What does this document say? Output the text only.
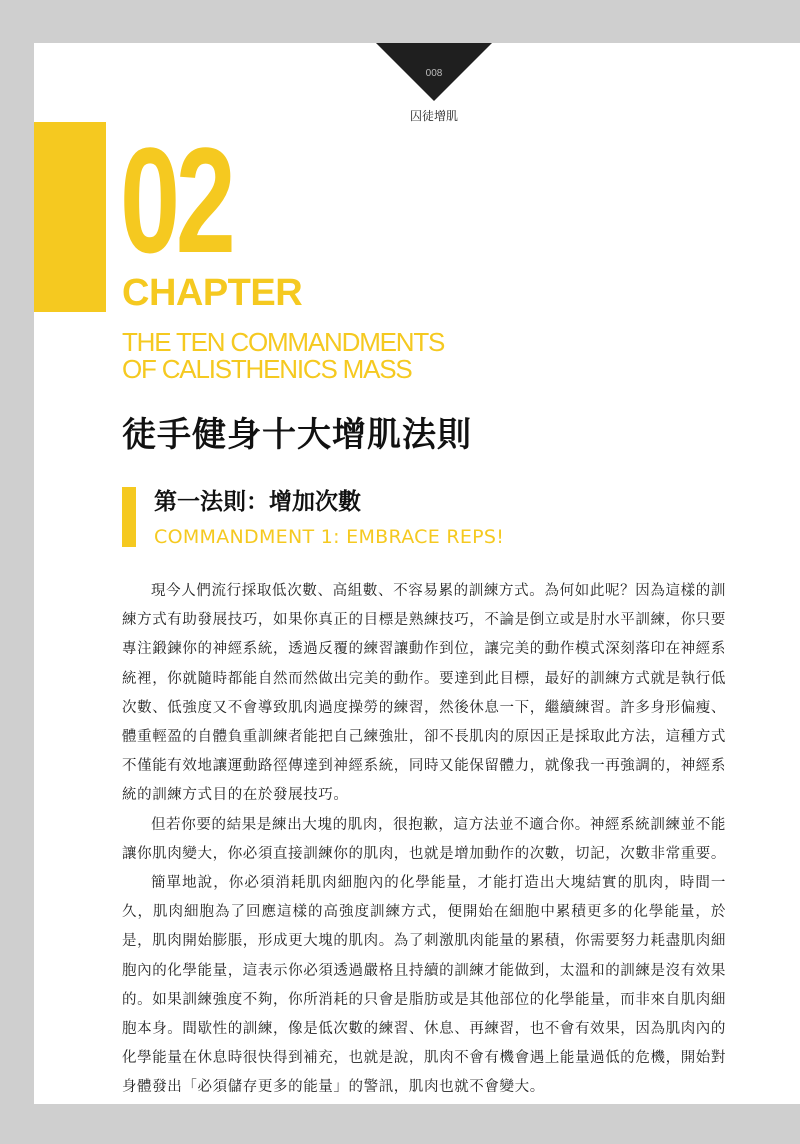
008
囚徒增肌
02
CHAPTER
THE TEN COMMANDMENTS
OF CALISTHENICS MASS
徒手健身十大增肌法則
第一法則：增加次數
COMMANDMENT 1: EMBRACE REPS!

現今人們流行採取低次數、高組數、不容易累的訓練方式。為何如此呢？因為這樣的訓練方式有助發展技巧，如果你真正的目標是熟練技巧，不論是倒立或是肘水平訓練，你只要專注鍛鍊你的神經系統，透過反覆的練習讓動作到位，讓完美的動作模式深刻落印在神經系統裡，你就隨時都能自然而然做出完美的動作。要達到此目標，最好的訓練方式就是執行低次數、低強度又不會導致肌肉過度操勞的練習，然後休息一下，繼續練習。許多身形偏瘦、體重輕盈的自體負重訓練者能把自己練強壯，卻不長肌肉的原因正是採取此方法，這種方式不僅能有效地讓運動路徑傳達到神經系統，同時又能保留體力，就像我一再強調的，神經系統的訓練方式目的在於發展技巧。

但若你要的結果是練出大塊的肌肉，很抱歉，這方法並不適合你。神經系統訓練並不能讓你肌肉變大，你必須直接訓練你的肌肉，也就是增加動作的次數，切記，次數非常重要。

簡單地說，你必須消耗肌肉細胞內的化學能量，才能打造出大塊結實的肌肉，時間一久，肌肉細胞為了回應這樣的高強度訓練方式，便開始在細胞中累積更多的化學能量，於是，肌肉開始膨脹，形成更大塊的肌肉。為了刺激肌肉能量的累積，你需要努力耗盡肌肉細胞內的化學能量，這表示你必須透過嚴格且持續的訓練才能做到，太溫和的訓練是沒有效果的。如果訓練強度不夠，你所消耗的只會是脂肪或是其他部位的化學能量，而非來自肌肉細胞本身。間歇性的訓練，像是低次數的練習、休息、再練習，也不會有效果，因為肌肉內的化學能量在休息時很快得到補充，也就是說，肌肉不會有機會遇上能量過低的危機，開始對身體發出「必須儲存更多的能量」的警訊，肌肉也就不會變大。
